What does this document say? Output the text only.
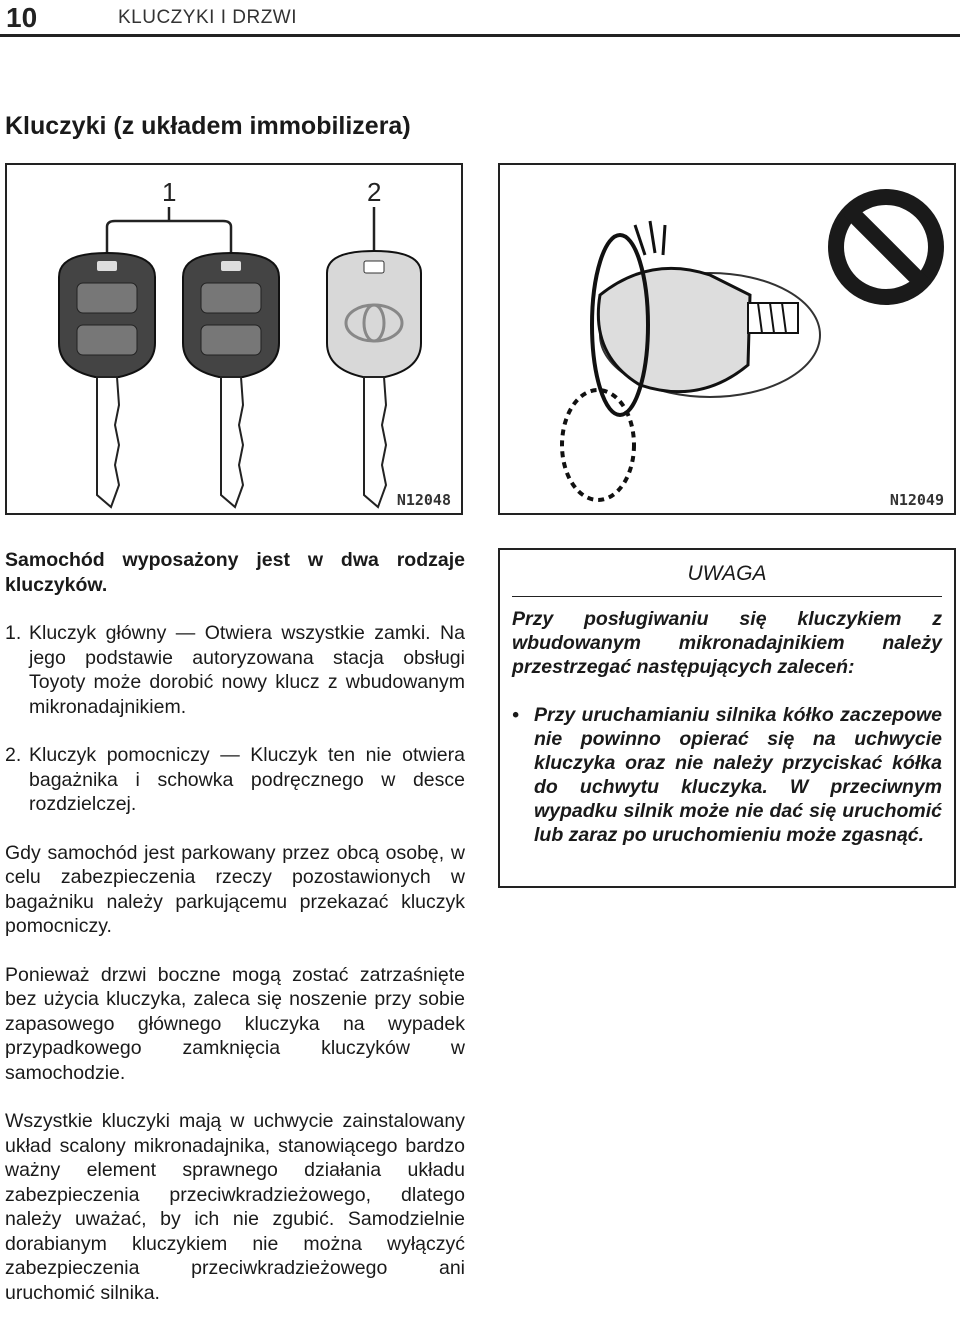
10	KLUCZYKI I DRZWI
Kluczyki (z układem immobilizera)
1	2
N12048	N12049

Samochód wyposażony jest w dwa rodzaje kluczyków.

1. Kluczyk główny — Otwiera wszystkie zamki. Na jego podstawie autoryzowana stacja obsługi Toyoty może dorobić nowy klucz z wbudowanym mikronadajnikiem.
2. Kluczyk pomocniczy — Kluczyk ten nie otwiera bagażnika i schowka podręcznego w desce rozdzielczej.

Gdy samochód jest parkowany przez obcą osobę, w celu zabezpieczenia rzeczy pozostawionych w bagażniku należy parkującemu przekazać kluczyk pomocniczy.

Ponieważ drzwi boczne mogą zostać zatrzaśnięte bez użycia kluczyka, zaleca się noszenie przy sobie zapasowego głównego kluczyka na wypadek przypadkowego zamknięcia kluczyków w samochodzie.

Wszystkie kluczyki mają w uchwycie zainstalowany układ scalony mikronadajnika, stanowiącego bardzo ważny element sprawnego działania układu zabezpieczenia przeciwkradzieżowego, dlatego należy uważać, by ich nie zgubić. Samodzielnie dorabianym kluczykiem nie można wyłączyć zabezpieczenia przeciwkradzieżowego ani uruchomić silnika.

UWAGA

Przy posługiwaniu się kluczykiem z wbudowanym mikronadajnikiem należy przestrzegać następujących zaleceń:

• Przy uruchamianiu silnika kółko zaczepowe nie powinno opierać się na uchwycie kluczyka oraz nie należy przyciskać kółka do uchwytu kluczyka. W przeciwnym wypadku silnik może nie dać się uruchomić lub zaraz po uruchomieniu może zgasnąć.
